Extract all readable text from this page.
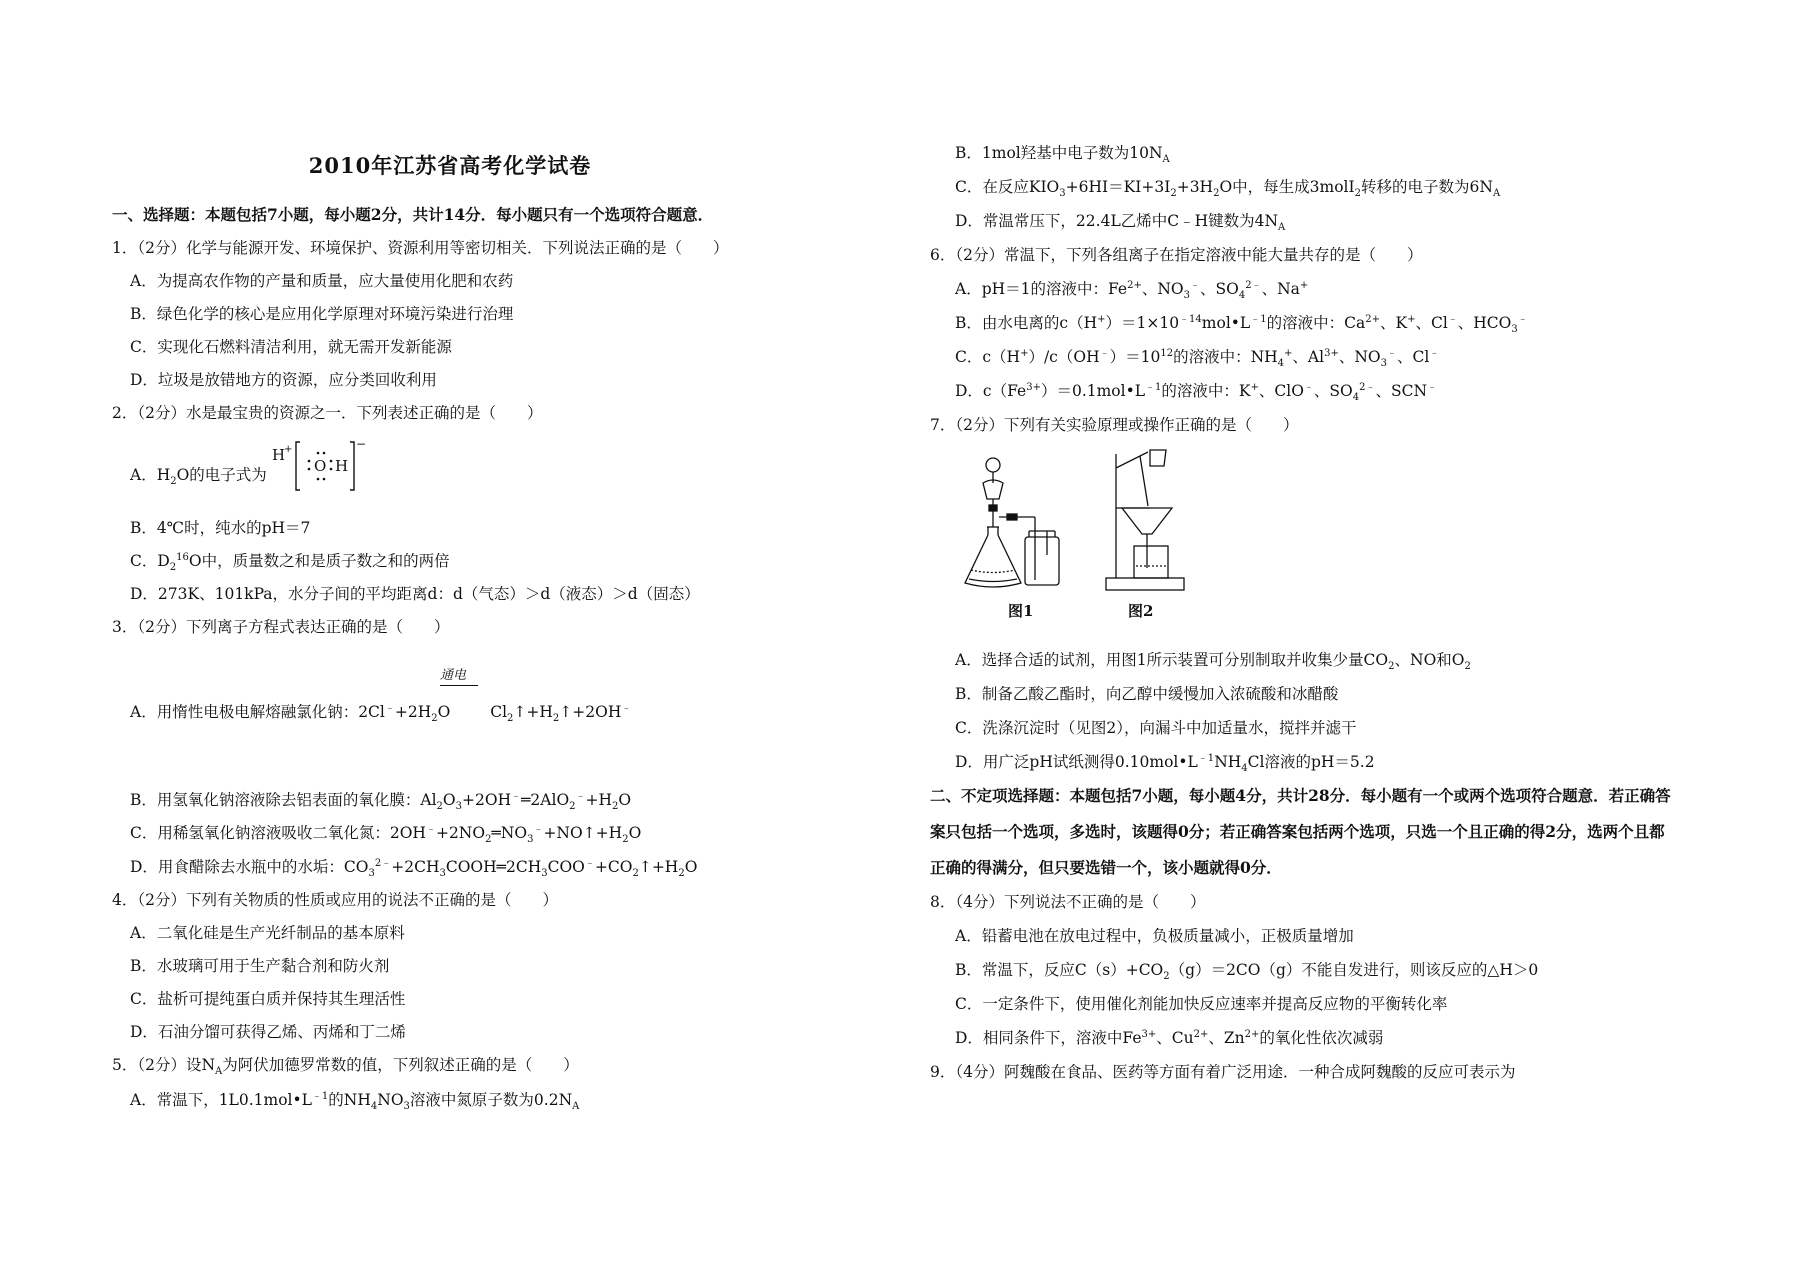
2010年江苏省高考化学试卷
一、选择题：本题包括7小题，每小题2分，共计14分．每小题只有一个选项符合题意．
1．（2分）化学与能源开发、环境保护、资源利用等密切相关．下列说法正确的是（　　）
A．为提高农作物的产量和质量，应大量使用化肥和农药
B．绿色化学的核心是应用化学原理对环境污染进行治理
C．实现化石燃料清洁利用，就无需开发新能源
D．垃圾是放错地方的资源，应分类回收利用
2．（2分）水是最宝贵的资源之一．下列表述正确的是（　　）
A．$H_2O$的电子式为
H
+	−
O H
B．4℃时，纯水的pH＝7
C．$D_2^{16}O$中，质量数之和是质子数之和的两倍
D．273K、101kPa，水分子间的平均距离d：d（气态）＞d（液态）＞d（固态）
3．（2分）下列离子方程式表达正确的是（　　）
通电
A．用惰性电极电解熔融氯化钠：$2Cl^﹣+2H_2O$	$Cl_2↑+H_2↑+2OH^﹣$
B．用氢氧化钠溶液除去铝表面的氧化膜：$Al_2O_3+2OH^﹣═2AlO_2^﹣+H_2O$
C．用稀氢氧化钠溶液吸收二氧化氮：$2OH^﹣+2NO_2═NO_3^﹣+NO↑+H_2O$
D．用食醋除去水瓶中的水垢：$CO_3^{2﹣}+2CH_3COOH═2CH_3COO^﹣+CO_2↑+H_2O$
4．（2分）下列有关物质的性质或应用的说法不正确的是（　　）
A．二氧化硅是生产光纤制品的基本原料
B．水玻璃可用于生产黏合剂和防火剂
C．盐析可提纯蛋白质并保持其生理活性
D．石油分馏可获得乙烯、丙烯和丁二烯
5．（2分）设$N_A$为阿伏加德罗常数的值，下列叙述正确的是（　　）
A．常温下，$1L0.1mol•L^{﹣1}$的$NH_4NO_3$溶液中氮原子数为$0.2N_A$
B．1mol羟基中电子数为$10N_A$
C．在反应$KIO_3+6HI=KI+3I_2+3H_2O$中，每生成3molI$_2$转移的电子数为$6N_A$
D．常温常压下，22.4L乙烯中C﹣H键数为$4N_A$
6．（2分）常温下，下列各组离子在指定溶液中能大量共存的是（　　）
A．pH＝1的溶液中：$Fe^{2+}$、$NO_3^﹣$、$SO_4^{2﹣}$、Na+
B．由水电离的$c(H^+)=1\times 10^{﹣14}mol•L^{﹣1}$的溶液中：$Ca^{2+}$、K+、Cl﹣、$HCO_3^﹣$
C．$c(H^+)/c(OH^﹣)=10^{12}$的溶液中：$NH_4^+$、$Al^{3+}$、$NO_3^﹣$、Cl﹣
D．$c(Fe^{3+})=0.1mol•L^{﹣1}$的溶液中：K+、ClO﹣、$SO_4^{2﹣}$、SCN﹣
7．（2分）下列有关实验原理或操作正确的是（　　）
图1	图2
A．选择合适的试剂，用图1所示装置可分别制取并收集少量$CO_2$、NO和$O_2$
B．制备乙酸乙酯时，向乙醇中缓慢加入浓硫酸和冰醋酸
C．洗涤沉淀时（见图2），向漏斗中加适量水，搅拌并滤干
D．用广泛pH试纸测得$0.10mol•L^{﹣1}NH_4Cl$溶液的pH＝5.2
二、不定项选择题：本题包括7小题，每小题4分，共计28分．每小题有一个或两个选项符合题意．若正确答
案只包括一个选项，多选时，该题得0分；若正确答案包括两个选项，只选一个且正确的得2分，选两个且都
正确的得满分，但只要选错一个，该小题就得0分．
8．（4分）下列说法不正确的是（　　）
A．铅蓄电池在放电过程中，负极质量减小，正极质量增加
B．常温下，反应$C(s)+CO_2(g)=2CO(g)$不能自发进行，则该反应的△H＞0
C．一定条件下，使用催化剂能加快反应速率并提高反应物的平衡转化率
D．相同条件下，溶液中$Fe^{3+}$、$Cu^{2+}$、$Zn^{2+}$的氧化性依次减弱
9．（4分）阿魏酸在食品、医药等方面有着广泛用途．一种合成阿魏酸的反应可表示为
